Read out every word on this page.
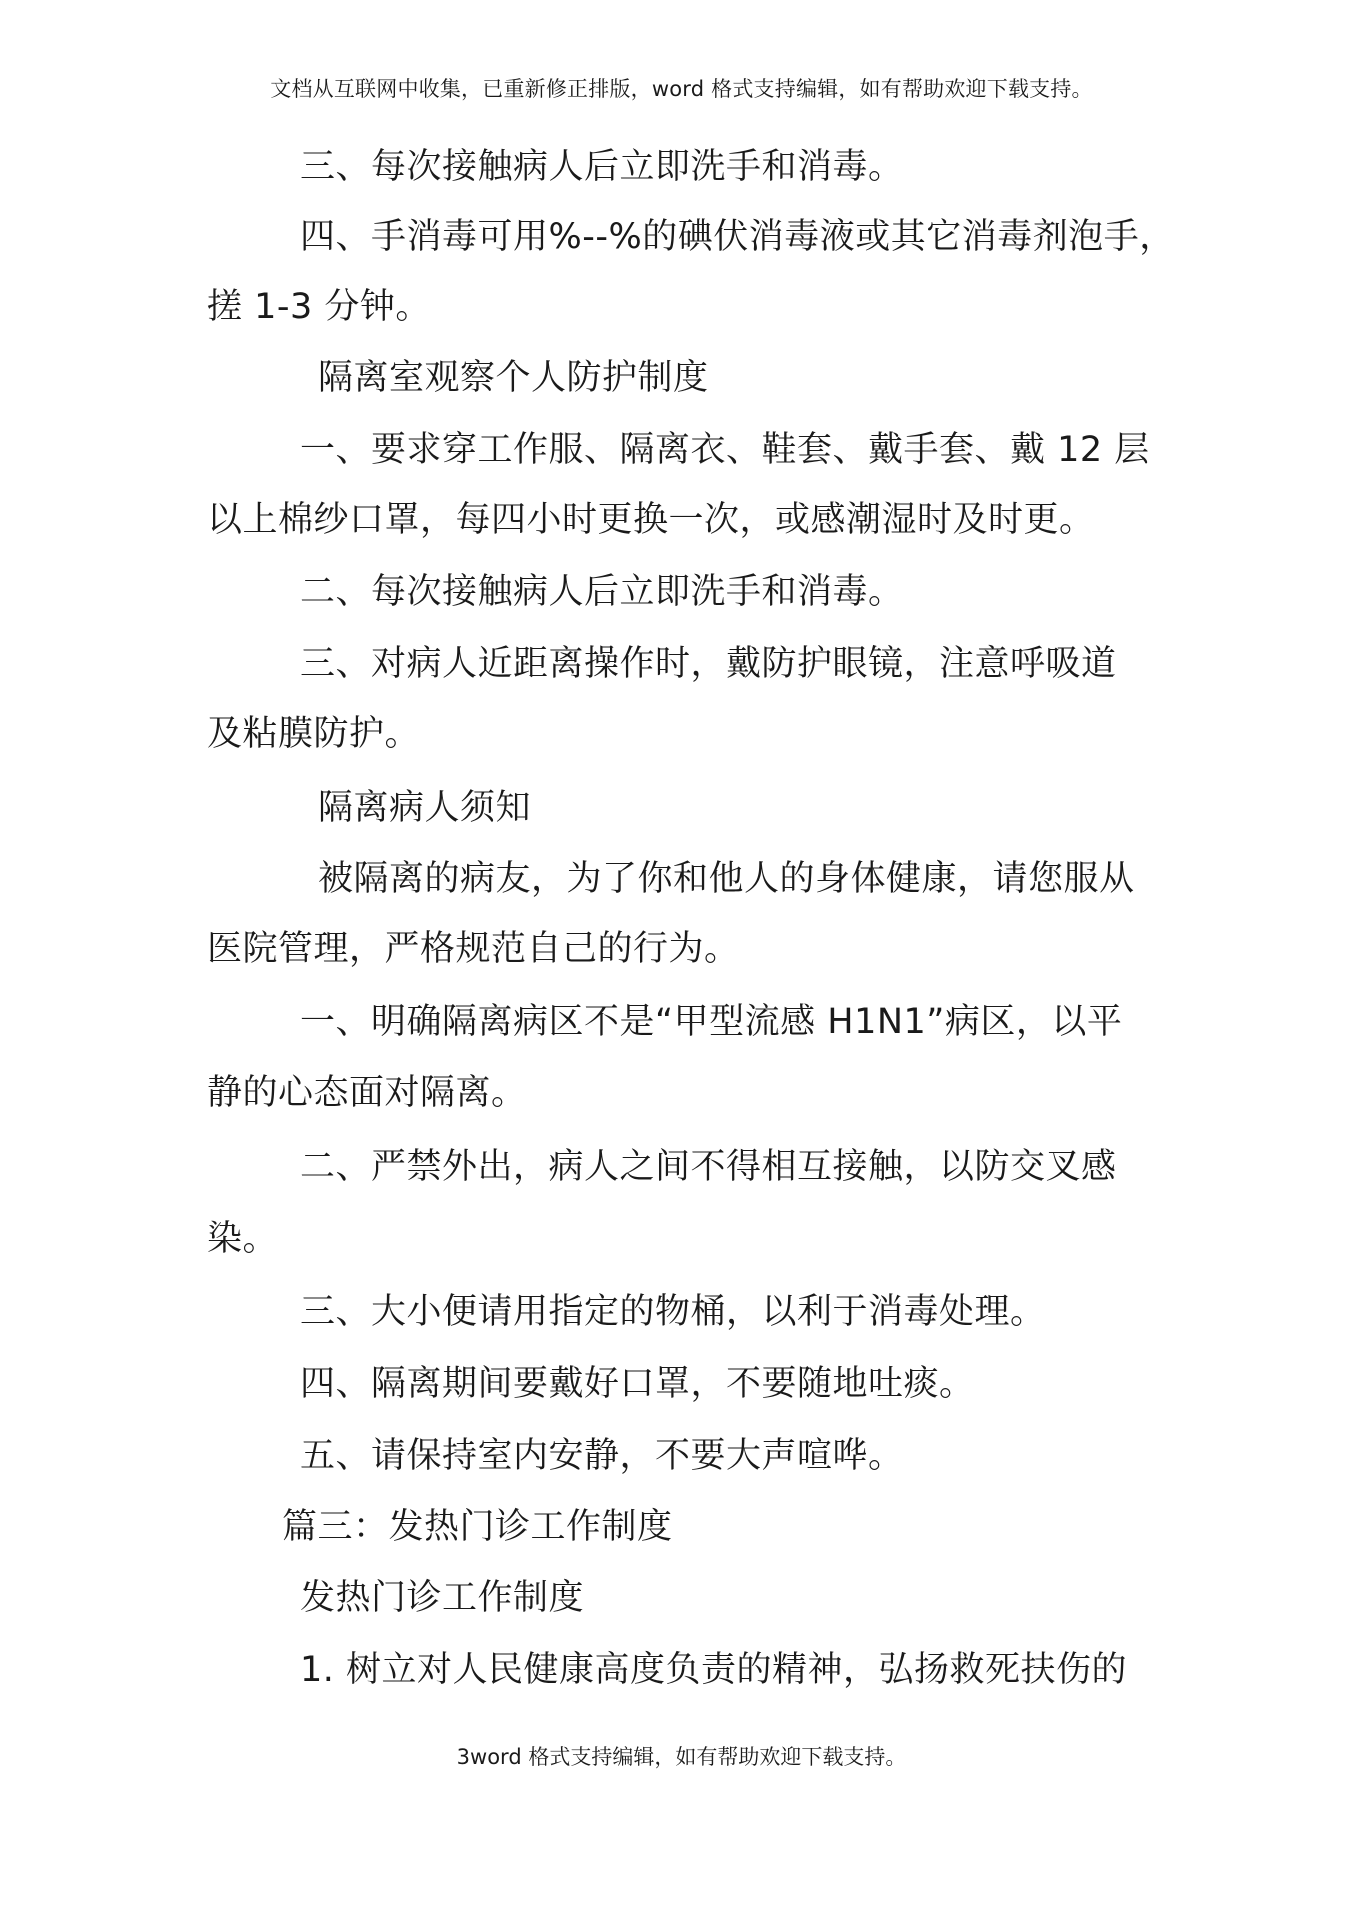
文档从互联网中收集，已重新修正排版，word 格式支持编辑，如有帮助欢迎下载支持。
三、每次接触病人后立即洗手和消毒。
四、手消毒可用%--%的碘伏消毒液或其它消毒剂泡手，
搓 1-3 分钟。
隔离室观察个人防护制度
一、要求穿工作服、隔离衣、鞋套、戴手套、戴 12 层
以上棉纱口罩，每四小时更换一次，或感潮湿时及时更。
二、每次接触病人后立即洗手和消毒。
三、对病人近距离操作时，戴防护眼镜，注意呼吸道
及粘膜防护。
隔离病人须知
被隔离的病友，为了你和他人的身体健康，请您服从
医院管理，严格规范自己的行为。
一、明确隔离病区不是“甲型流感 H1N1”病区，以平
静的心态面对隔离。
二、严禁外出，病人之间不得相互接触，以防交叉感
染。
三、大小便请用指定的物桶，以利于消毒处理。
四、隔离期间要戴好口罩，不要随地吐痰。
五、请保持室内安静，不要大声喧哗。
篇三：发热门诊工作制度
发热门诊工作制度
1. 树立对人民健康高度负责的精神，弘扬救死扶伤的
3word 格式支持编辑，如有帮助欢迎下载支持。
